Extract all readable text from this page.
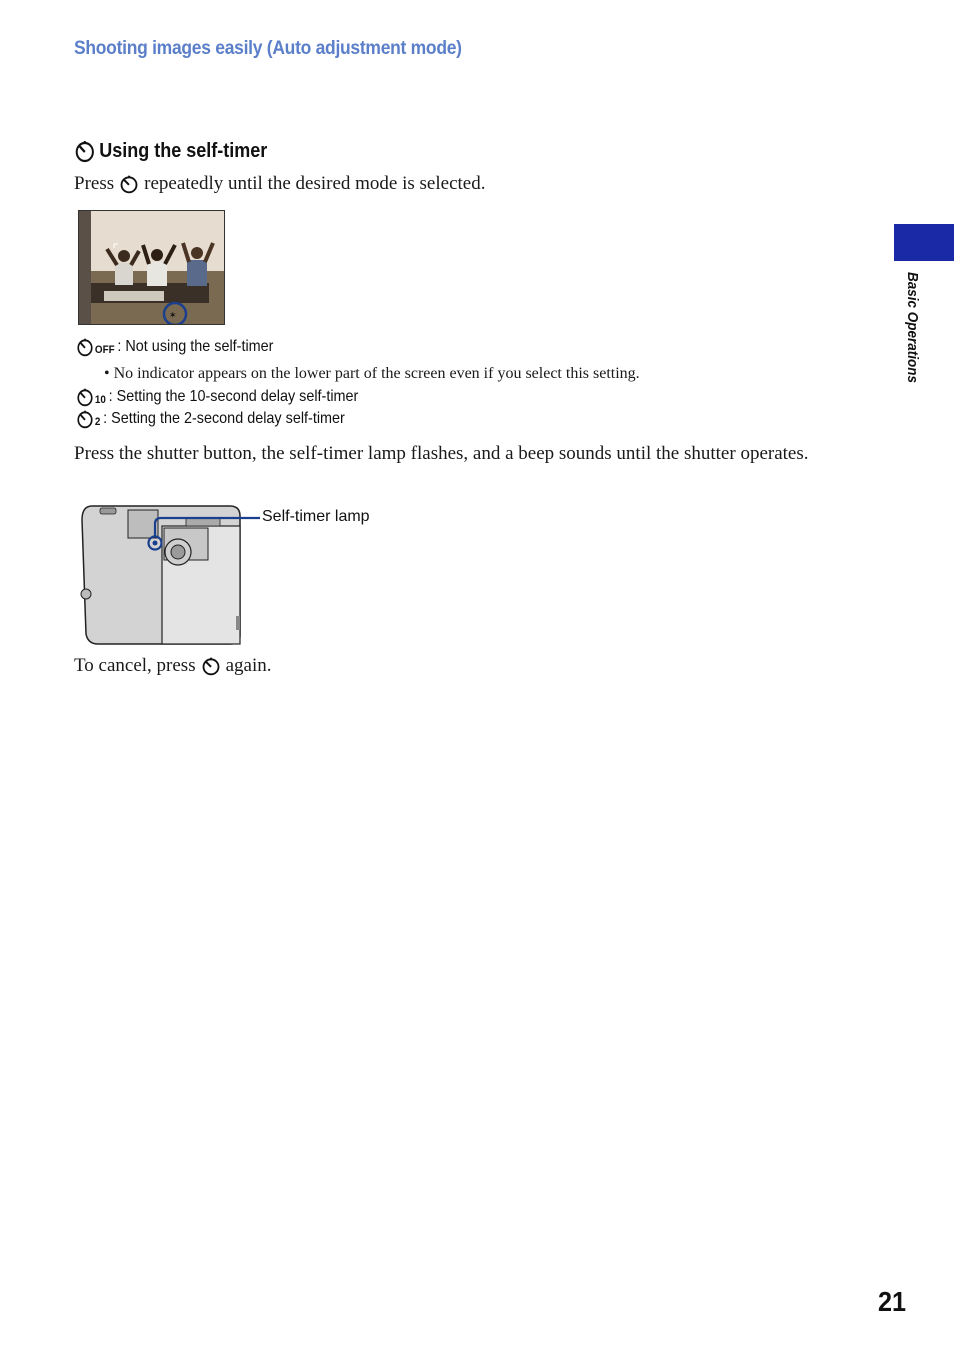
Shooting images easily (Auto adjustment mode)
Using the self-timer
Press repeatedly until the desired mode is selected.
✶
OFF : Not using the self-timer
• No indicator appears on the lower part of the screen even if you select this setting.
10 : Setting the 10-second delay self-timer
2 : Setting the 2-second delay self-timer
Press the shutter button, the self-timer lamp flashes, and a beep sounds until the shutter operates.
Self-timer lamp
To cancel, press again.
Basic Operations
21
